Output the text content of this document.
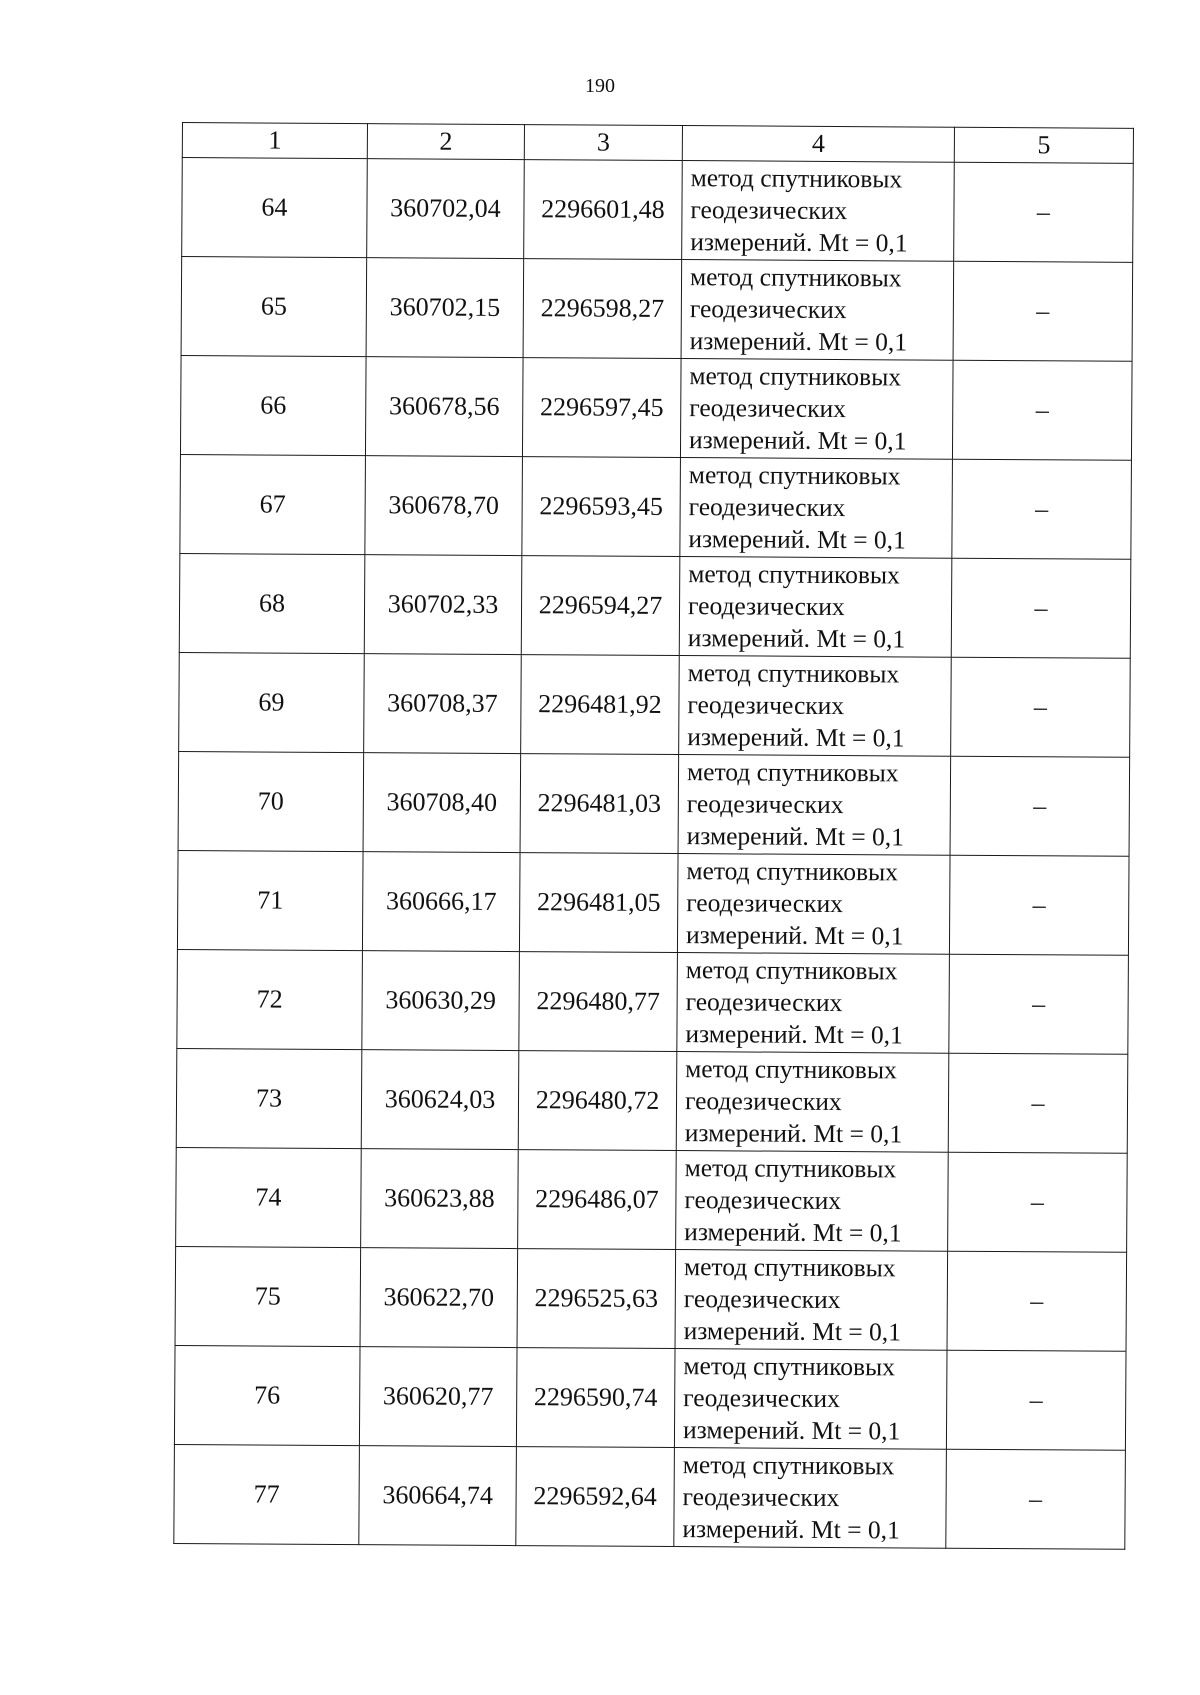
190
1	2	3	4	5
64	360702,04	2296601,48	метод спутниковых
геодезических
измерений. Mt = 0,1	–
65	360702,15	2296598,27	метод спутниковых
геодезических
измерений. Mt = 0,1	–
66	360678,56	2296597,45	метод спутниковых
геодезических
измерений. Mt = 0,1	–
67	360678,70	2296593,45	метод спутниковых
геодезических
измерений. Mt = 0,1	–
68	360702,33	2296594,27	метод спутниковых
геодезических
измерений. Mt = 0,1	–
69	360708,37	2296481,92	метод спутниковых
геодезических
измерений. Mt = 0,1	–
70	360708,40	2296481,03	метод спутниковых
геодезических
измерений. Mt = 0,1	–
71	360666,17	2296481,05	метод спутниковых
геодезических
измерений. Mt = 0,1	–
72	360630,29	2296480,77	метод спутниковых
геодезических
измерений. Mt = 0,1	–
73	360624,03	2296480,72	метод спутниковых
геодезических
измерений. Mt = 0,1	–
74	360623,88	2296486,07	метод спутниковых
геодезических
измерений. Mt = 0,1	–
75	360622,70	2296525,63	метод спутниковых
геодезических
измерений. Mt = 0,1	–
76	360620,77	2296590,74	метод спутниковых
геодезических
измерений. Mt = 0,1	–
77	360664,74	2296592,64	метод спутниковых
геодезических
измерений. Mt = 0,1	–
